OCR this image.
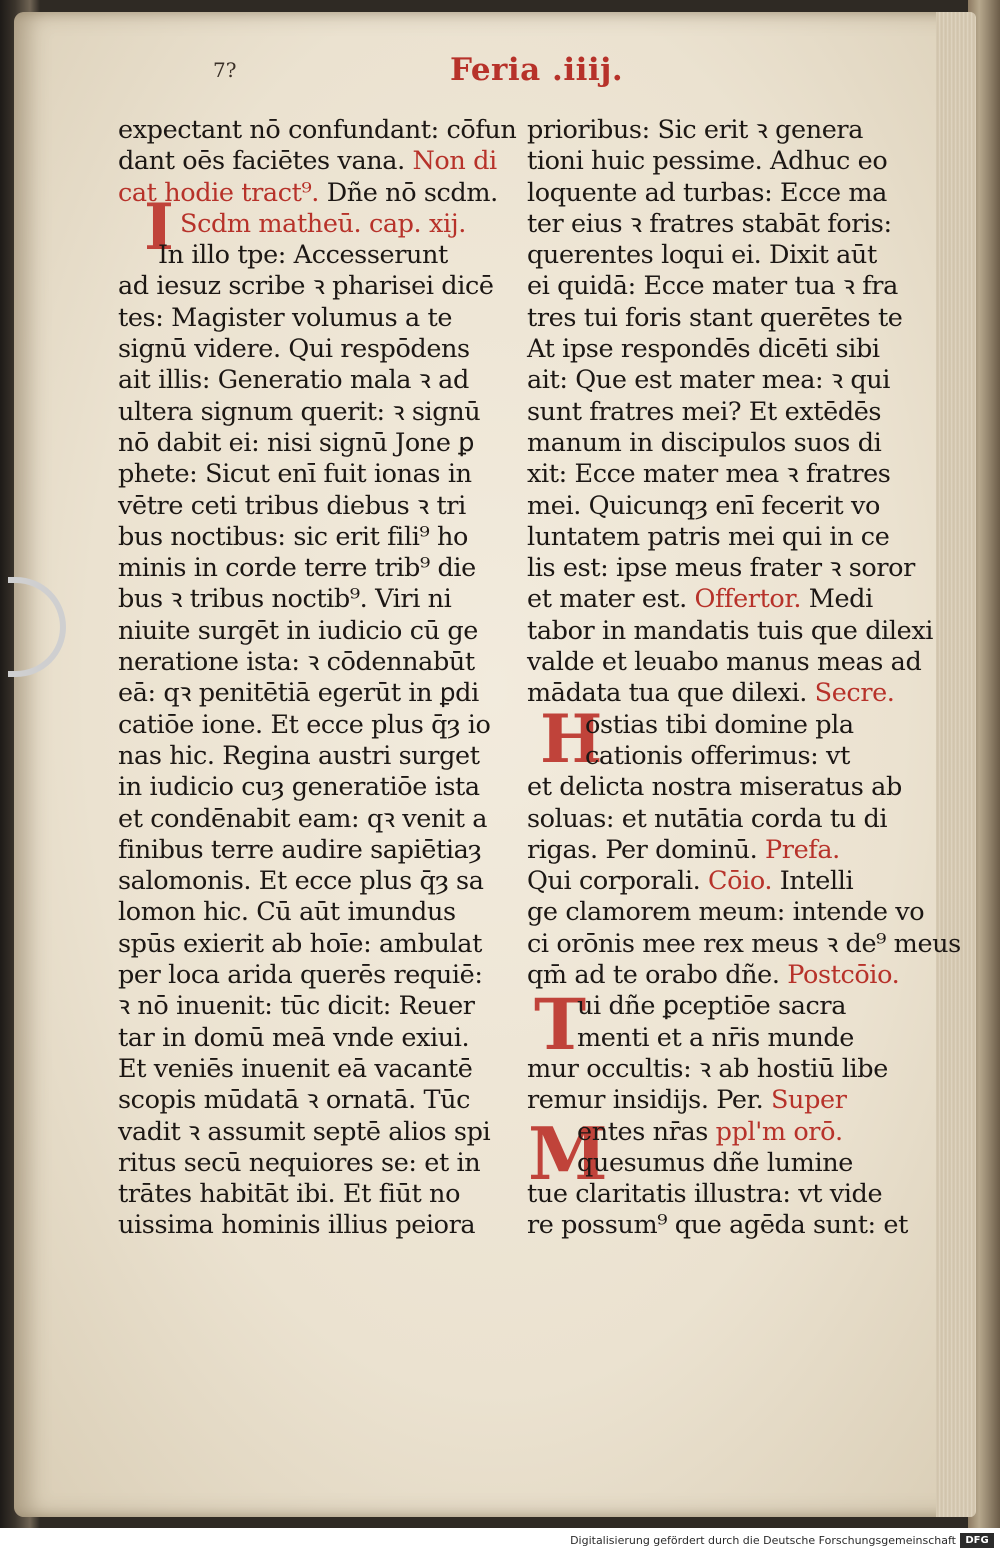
7?	Feria .iiij.
I
H
T
M
expectant nō confundant: cōfun
dant oēs faciētes vana. Non di
cat hodie tract⁹. Dñe nō scdm.
Scdm matheū. cap. xij.
In illo tpe: Accesserunt
ad iesuz scribe ꝛ pharisei dicē
tes: Magister volumus a te
signū videre. Qui respōdens
ait illis: Generatio mala ꝛ ad
ultera signum querit: ꝛ signū
nō dabit ei: nisi signū Jone ꝑ
phete: Sicut enī fuit ionas in
vētre ceti tribus diebus ꝛ tri
bus noctibus: sic erit fili⁹ ho
minis in corde terre trib⁹ die
bus ꝛ tribus noctib⁹. Viri ni
niuite surgēt in iudicio cū ge
neratione ista: ꝛ cōdennabūt
eā: qꝛ penitētiā egerūt in ꝑdi
catiōe ione. Et ecce plus q̄ȝ io
nas hic. Regina austri surget
in iudicio cuȝ generatiōe ista
et condēnabit eam: qꝛ venit a
finibus terre audire sapiētiaȝ
salomonis. Et ecce plus q̄ȝ sa
lomon hic. Cū aūt imundus
spūs exierit ab hoīe: ambulat
per loca arida querēs requiē:
ꝛ nō inuenit: tūc dicit: Reuer
tar in domū meā vnde exiui.
Et veniēs inuenit eā vacantē
scopis mūdatā ꝛ ornatā. Tūc
vadit ꝛ assumit septē alios spi
ritus secū nequiores se: et in
trātes habitāt ibi. Et fiūt no
uissima hominis illius peiora
prioribus: Sic erit ꝛ genera
tioni huic pessime. Adhuc eo
loquente ad turbas: Ecce ma
ter eius ꝛ fratres stabāt foris:
querentes loqui ei. Dixit aūt
ei quidā: Ecce mater tua ꝛ fra
tres tui foris stant querētes te
At ipse respondēs dicēti sibi
ait: Que est mater mea: ꝛ qui
sunt fratres mei? Et extēdēs
manum in discipulos suos di
xit: Ecce mater mea ꝛ fratres
mei. Quicunqȝ enī fecerit vo
luntatem patris mei qui in ce
lis est: ipse meus frater ꝛ soror
et mater est. Offertor. Medi
tabor in mandatis tuis que dilexi
valde et leuabo manus meas ad
mādata tua que dilexi. Secre.
ostias tibi domine pla
cationis offerimus: vt
et delicta nostra miseratus ab
soluas: et nutātia corda tu di
rigas. Per dominū. Prefa.
Qui corporali. Cōio. Intelli
ge clamorem meum: intende vo
ci orōnis mee rex meus ꝛ de⁹ meus
qm̄ ad te orabo dñe. Postcōio.
ui dñe ꝑceptiōe sacra
menti et a nr̄is munde
mur occultis: ꝛ ab hostiū libe
remur insidijs. Per. Super
entes nr̄as ppl'm orō.
quesumus dñe lumine
tue claritatis illustra: vt vide
re possum⁹ que agēda sunt: et
Digitalisierung gefördert durch die Deutsche Forschungsgemeinschaft DFG
